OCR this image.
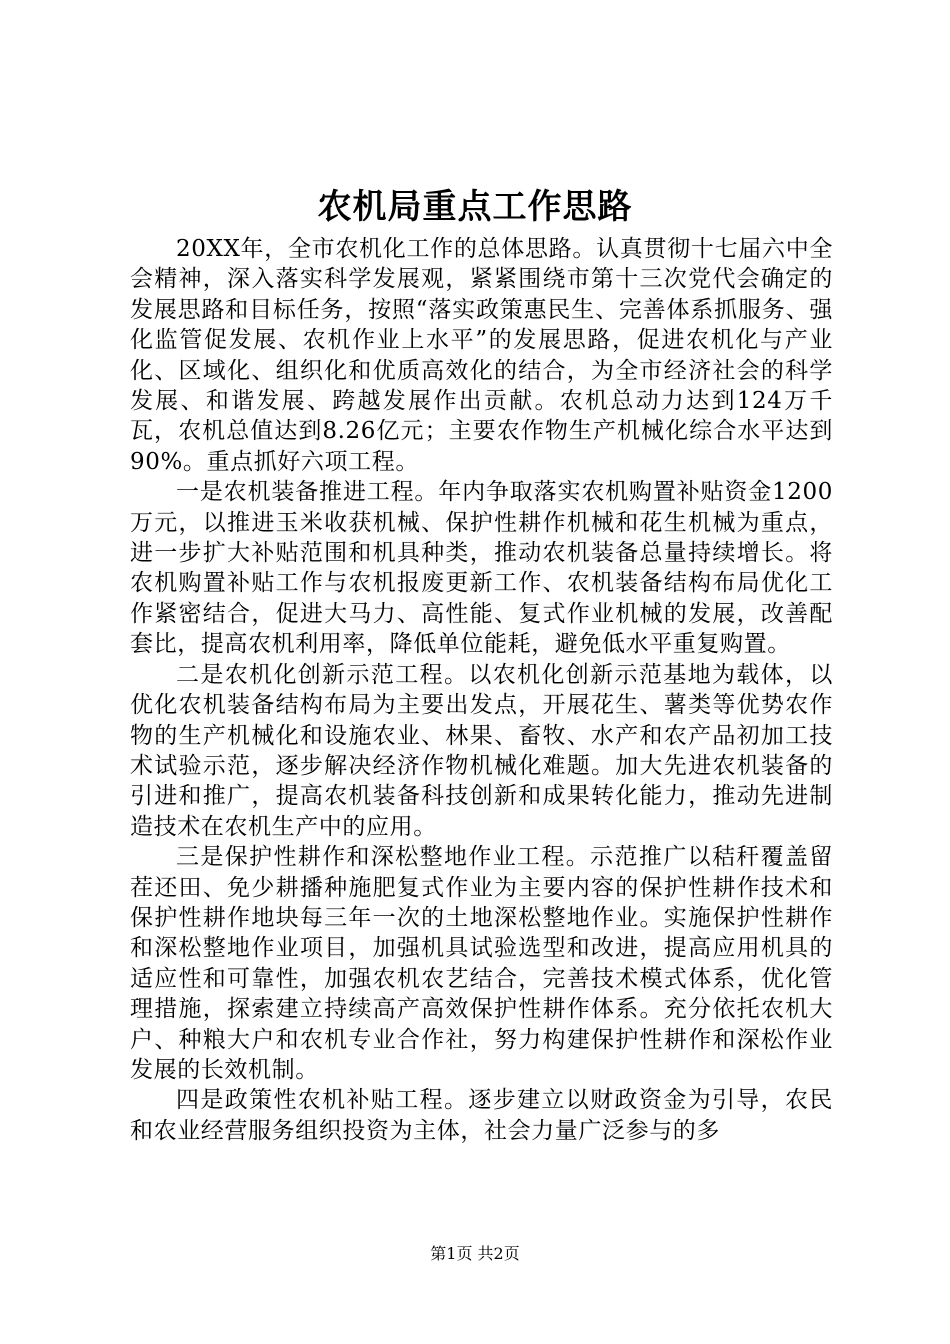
农机局重点工作思路

20XX年，全市农机化工作的总体思路。认真贯彻十七届六中全会精神，深入落实科学发展观，紧紧围绕市第十三次党代会确定的发展思路和目标任务，按照“落实政策惠民生、完善体系抓服务、强化监管促发展、农机作业上水平”的发展思路，促进农机化与产业化、区域化、组织化和优质高效化的结合，为全市经济社会的科学发展、和谐发展、跨越发展作出贡献。农机总动力达到124万千瓦，农机总值达到8.26亿元；主要农作物生产机械化综合水平达到90%。重点抓好六项工程。

一是农机装备推进工程。年内争取落实农机购置补贴资金1200万元，以推进玉米收获机械、保护性耕作机械和花生机械为重点，进一步扩大补贴范围和机具种类，推动农机装备总量持续增长。将农机购置补贴工作与农机报废更新工作、农机装备结构布局优化工作紧密结合，促进大马力、高性能、复式作业机械的发展，改善配套比，提高农机利用率，降低单位能耗，避免低水平重复购置。

二是农机化创新示范工程。以农机化创新示范基地为载体，以优化农机装备结构布局为主要出发点，开展花生、薯类等优势农作物的生产机械化和设施农业、林果、畜牧、水产和农产品初加工技术试验示范，逐步解决经济作物机械化难题。加大先进农机装备的引进和推广，提高农机装备科技创新和成果转化能力，推动先进制造技术在农机生产中的应用。

三是保护性耕作和深松整地作业工程。示范推广以秸秆覆盖留茬还田、免少耕播种施肥复式作业为主要内容的保护性耕作技术和保护性耕作地块每三年一次的土地深松整地作业。实施保护性耕作和深松整地作业项目，加强机具试验选型和改进，提高应用机具的适应性和可靠性，加强农机农艺结合，完善技术模式体系，优化管理措施，探索建立持续高产高效保护性耕作体系。充分依托农机大户、种粮大户和农机专业合作社，努力构建保护性耕作和深松作业发展的长效机制。

四是政策性农机补贴工程。逐步建立以财政资金为引导，农民和农业经营服务组织投资为主体，社会力量广泛参与的多

第1页 共2页
